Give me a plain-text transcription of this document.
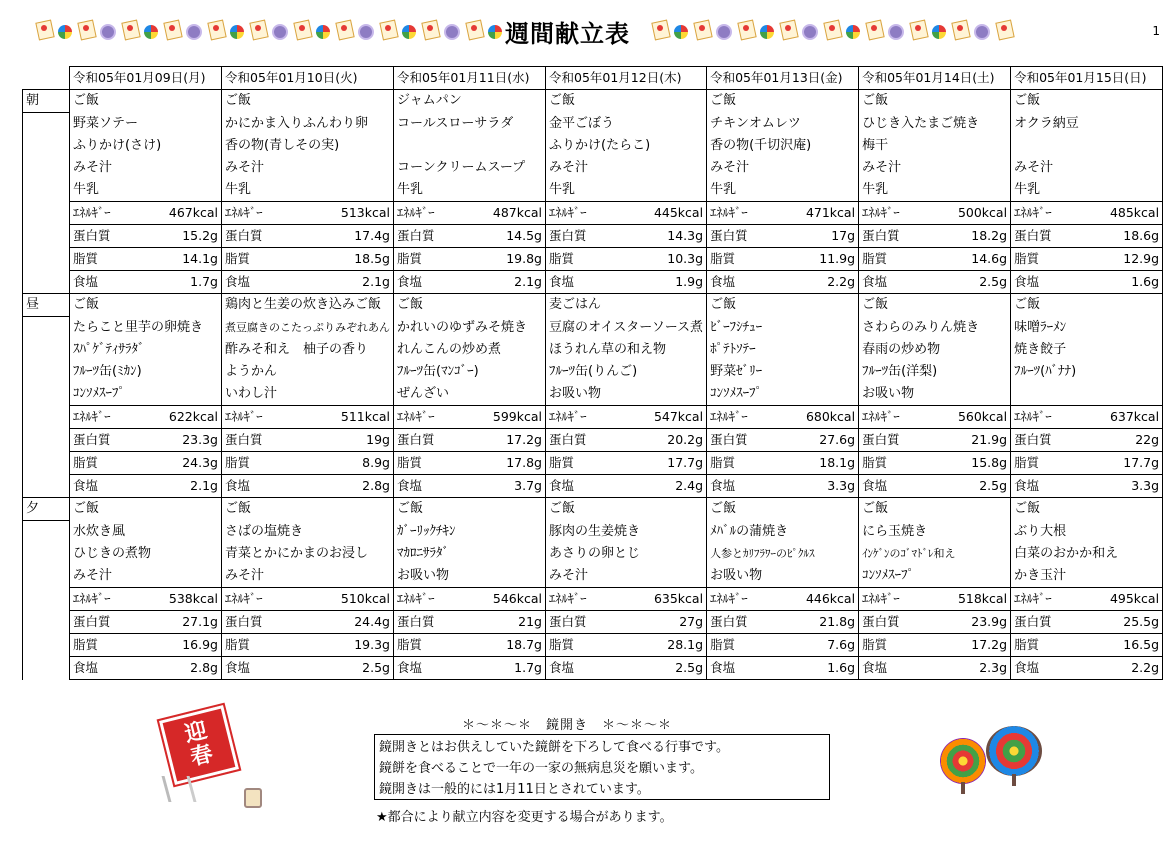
週間献立表	1
	令和05年01月09日(月)		令和05年01月10日(火)		令和05年01月11日(水)		令和05年01月12日(木)		令和05年01月13日(金)		令和05年01月14日(土)		令和05年01月15日(日)	
朝	ご飯		ご飯		ジャムパン		ご飯		ご飯		ご飯		ご飯	
	野菜ソテー		かにかま入りふんわり卵		コールスローサラダ		金平ごぼう		チキンオムレツ		ひじき入たまご焼き		オクラ納豆	
	ふりかけ(さけ)		香の物(青しその実)				ふりかけ(たらこ)		香の物(千切沢庵)		梅干			
	みそ汁		みそ汁		コーンクリームスープ		みそ汁		みそ汁		みそ汁		みそ汁	
	牛乳		牛乳		牛乳		牛乳		牛乳		牛乳		牛乳	
	ｴﾈﾙｷﾞｰ	467kcal	ｴﾈﾙｷﾞｰ	513kcal	ｴﾈﾙｷﾞｰ	487kcal	ｴﾈﾙｷﾞｰ	445kcal	ｴﾈﾙｷﾞｰ	471kcal	ｴﾈﾙｷﾞｰ	500kcal	ｴﾈﾙｷﾞｰ	485kcal
	蛋白質	15.2g	蛋白質	17.4g	蛋白質	14.5g	蛋白質	14.3g	蛋白質	17g	蛋白質	18.2g	蛋白質	18.6g
	脂質	14.1g	脂質	18.5g	脂質	19.8g	脂質	10.3g	脂質	11.9g	脂質	14.6g	脂質	12.9g
	食塩	1.7g	食塩	2.1g	食塩	2.1g	食塩	1.9g	食塩	2.2g	食塩	2.5g	食塩	1.6g
昼	ご飯		鶏肉と生姜の炊き込みご飯		ご飯		麦ごはん		ご飯		ご飯		ご飯	
	たらこと里芋の卵焼き		煮豆腐きのこたっぷりみぞれあん		かれいのゆずみそ焼き		豆腐のオイスターソース煮		ﾋﾞｰﾌｼﾁｭｰ		さわらのみりん焼き		味噌ﾗｰﾒﾝ	
	ｽﾊﾟｹﾞﾃｨｻﾗﾀﾞ		酢みそ和え　柚子の香り		れんこんの炒め煮		ほうれん草の和え物		ﾎﾟﾃﾄｿﾃｰ		春雨の炒め物		焼き餃子	
	ﾌﾙｰﾂ缶(ﾐｶﾝ)		ようかん		ﾌﾙｰﾂ缶(ﾏﾝｺﾞｰ)		ﾌﾙｰﾂ缶(りんご)		野菜ｾﾞﾘｰ		ﾌﾙｰﾂ缶(洋梨)		ﾌﾙｰﾂ(ﾊﾞﾅﾅ)	
	ｺﾝｿﾒｽｰﾌﾟ		いわし汁		ぜんざい		お吸い物		ｺﾝｿﾒｽｰﾌﾟ		お吸い物			
	ｴﾈﾙｷﾞｰ	622kcal	ｴﾈﾙｷﾞｰ	511kcal	ｴﾈﾙｷﾞｰ	599kcal	ｴﾈﾙｷﾞｰ	547kcal	ｴﾈﾙｷﾞｰ	680kcal	ｴﾈﾙｷﾞｰ	560kcal	ｴﾈﾙｷﾞｰ	637kcal
	蛋白質	23.3g	蛋白質	19g	蛋白質	17.2g	蛋白質	20.2g	蛋白質	27.6g	蛋白質	21.9g	蛋白質	22g
	脂質	24.3g	脂質	8.9g	脂質	17.8g	脂質	17.7g	脂質	18.1g	脂質	15.8g	脂質	17.7g
	食塩	2.1g	食塩	2.8g	食塩	3.7g	食塩	2.4g	食塩	3.3g	食塩	2.5g	食塩	3.3g
夕	ご飯		ご飯		ご飯		ご飯		ご飯		ご飯		ご飯	
	水炊き風		さばの塩焼き		ｶﾞｰﾘｯｸﾁｷﾝ		豚肉の生姜焼き		ﾒﾊﾞﾙの蒲焼き		にら玉焼き		ぶり大根	
	ひじきの煮物		青菜とかにかまのお浸し		ﾏｶﾛﾆｻﾗﾀﾞ		あさりの卵とじ		人参とｶﾘﾌﾗﾜｰのﾋﾟｸﾙｽ		ｲﾝｹﾞﾝのｺﾞﾏﾄﾞﾚ和え		白菜のおかか和え	
	みそ汁		みそ汁		お吸い物		みそ汁		お吸い物		ｺﾝｿﾒｽｰﾌﾟ		かき玉汁	
	ｴﾈﾙｷﾞｰ	538kcal	ｴﾈﾙｷﾞｰ	510kcal	ｴﾈﾙｷﾞｰ	546kcal	ｴﾈﾙｷﾞｰ	635kcal	ｴﾈﾙｷﾞｰ	446kcal	ｴﾈﾙｷﾞｰ	518kcal	ｴﾈﾙｷﾞｰ	495kcal
	蛋白質	27.1g	蛋白質	24.4g	蛋白質	21g	蛋白質	27g	蛋白質	21.8g	蛋白質	23.9g	蛋白質	25.5g
	脂質	16.9g	脂質	19.3g	脂質	18.7g	脂質	28.1g	脂質	7.6g	脂質	17.2g	脂質	16.5g
	食塩	2.8g	食塩	2.5g	食塩	1.7g	食塩	2.5g	食塩	1.6g	食塩	2.3g	食塩	2.2g
迎
春
＊～＊～＊　鏡開き　＊～＊～＊
鏡開きとはお供えしていた鏡餅を下ろして食べる行事です。
鏡餅を食べることで一年の一家の無病息災を願います。
鏡開きは一般的には1月11日とされています。
★都合により献立内容を変更する場合があります。
